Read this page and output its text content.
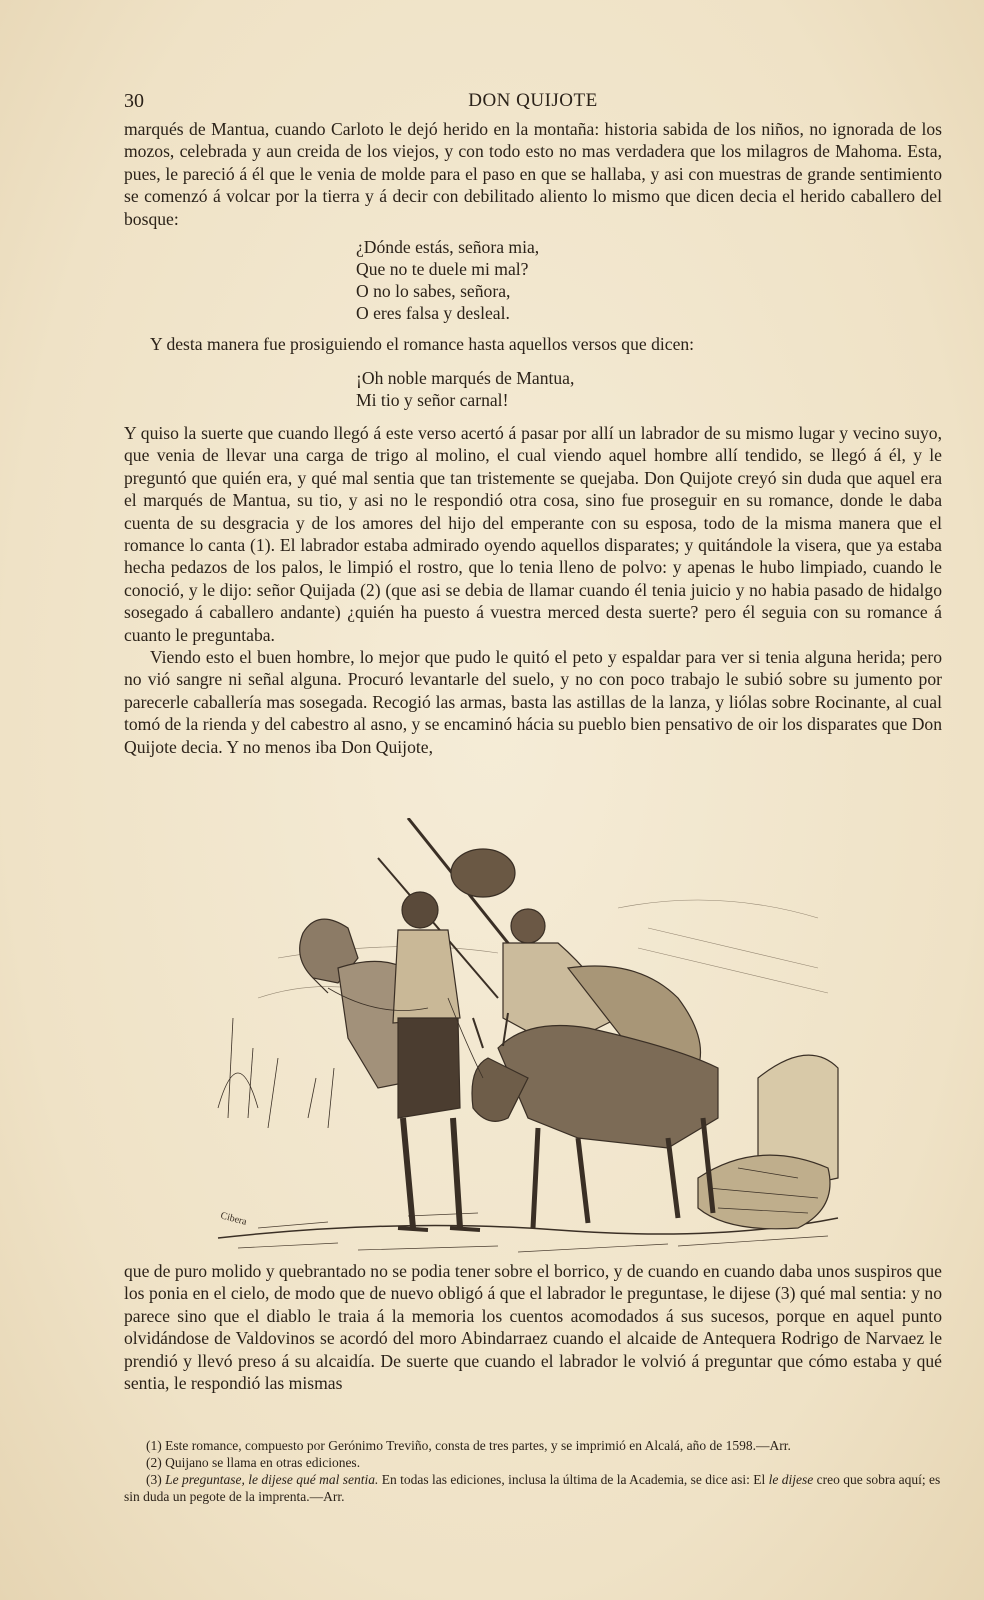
30	DON QUIJOTE

marqués de Mantua, cuando Carloto le dejó herido en la montaña: historia sabida de los niños, no ignorada de los mozos, celebrada y aun creida de los viejos, y con todo esto no mas verdadera que los milagros de Mahoma. Esta, pues, le pareció á él que le venia de molde para el paso en que se hallaba, y asi con muestras de grande sentimiento se comenzó á volcar por la tierra y á decir con debilitado aliento lo mismo que dicen decia el herido caballero del bosque:

¿Dónde estás, señora mia,
Que no te duele mi mal?
O no lo sabes, señora,
O eres falsa y desleal.

Y desta manera fue prosiguiendo el romance hasta aquellos versos que dicen:

¡Oh noble marqués de Mantua,
Mi tio y señor carnal!

Y quiso la suerte que cuando llegó á este verso acertó á pasar por allí un labrador de su mismo lugar y vecino suyo, que venia de llevar una carga de trigo al molino, el cual viendo aquel hombre allí tendido, se llegó á él, y le preguntó que quién era, y qué mal sentia que tan tristemente se quejaba. Don Quijote creyó sin duda que aquel era el marqués de Mantua, su tio, y asi no le respondió otra cosa, sino fue proseguir en su romance, donde le daba cuenta de su desgracia y de los amores del hijo del emperante con su esposa, todo de la misma manera que el romance lo canta (1). El labrador estaba admirado oyendo aquellos disparates; y quitándole la visera, que ya estaba hecha pedazos de los palos, le limpió el rostro, que lo tenia lleno de polvo: y apenas le hubo limpiado, cuando le conoció, y le dijo: señor Quijada (2) (que asi se debia de llamar cuando él tenia juicio y no habia pasado de hidalgo sosegado á caballero andante) ¿quién ha puesto á vuestra merced desta suerte? pero él seguia con su romance á cuanto le preguntaba.

Viendo esto el buen hombre, lo mejor que pudo le quitó el peto y espaldar para ver si tenia alguna herida; pero no vió sangre ni señal alguna. Procuró levantarle del suelo, y no con poco trabajo le subió sobre su jumento por parecerle caballería mas sosegada. Recogió las armas, basta las astillas de la lanza, y liólas sobre Rocinante, al cual tomó de la rienda y del cabestro al asno, y se encaminó hácia su pueblo bien pensativo de oir los disparates que Don Quijote decia. Y no menos iba Don Quijote,

Cibera

que de puro molido y quebrantado no se podia tener sobre el borrico, y de cuando en cuando daba unos suspiros que los ponia en el cielo, de modo que de nuevo obligó á que el labrador le preguntase, le dijese (3) qué mal sentia: y no parece sino que el diablo le traia á la memoria los cuentos acomodados á sus sucesos, porque en aquel punto olvidándose de Valdovinos se acordó del moro Abindarraez cuando el alcaide de Antequera Rodrigo de Narvaez le prendió y llevó preso á su alcaidía. De suerte que cuando el labrador le volvió á preguntar que cómo estaba y qué sentia, le respondió las mismas

(1) Este romance, compuesto por Gerónimo Treviño, consta de tres partes, y se imprimió en Alcalá, año de 1598.—Arr.

(2) Quijano se llama en otras ediciones.

(3) Le preguntase, le dijese qué mal sentia. En todas las ediciones, inclusa la última de la Academia, se dice asi: El le dijese creo que sobra aquí; es sin duda un pegote de la imprenta.—Arr.
